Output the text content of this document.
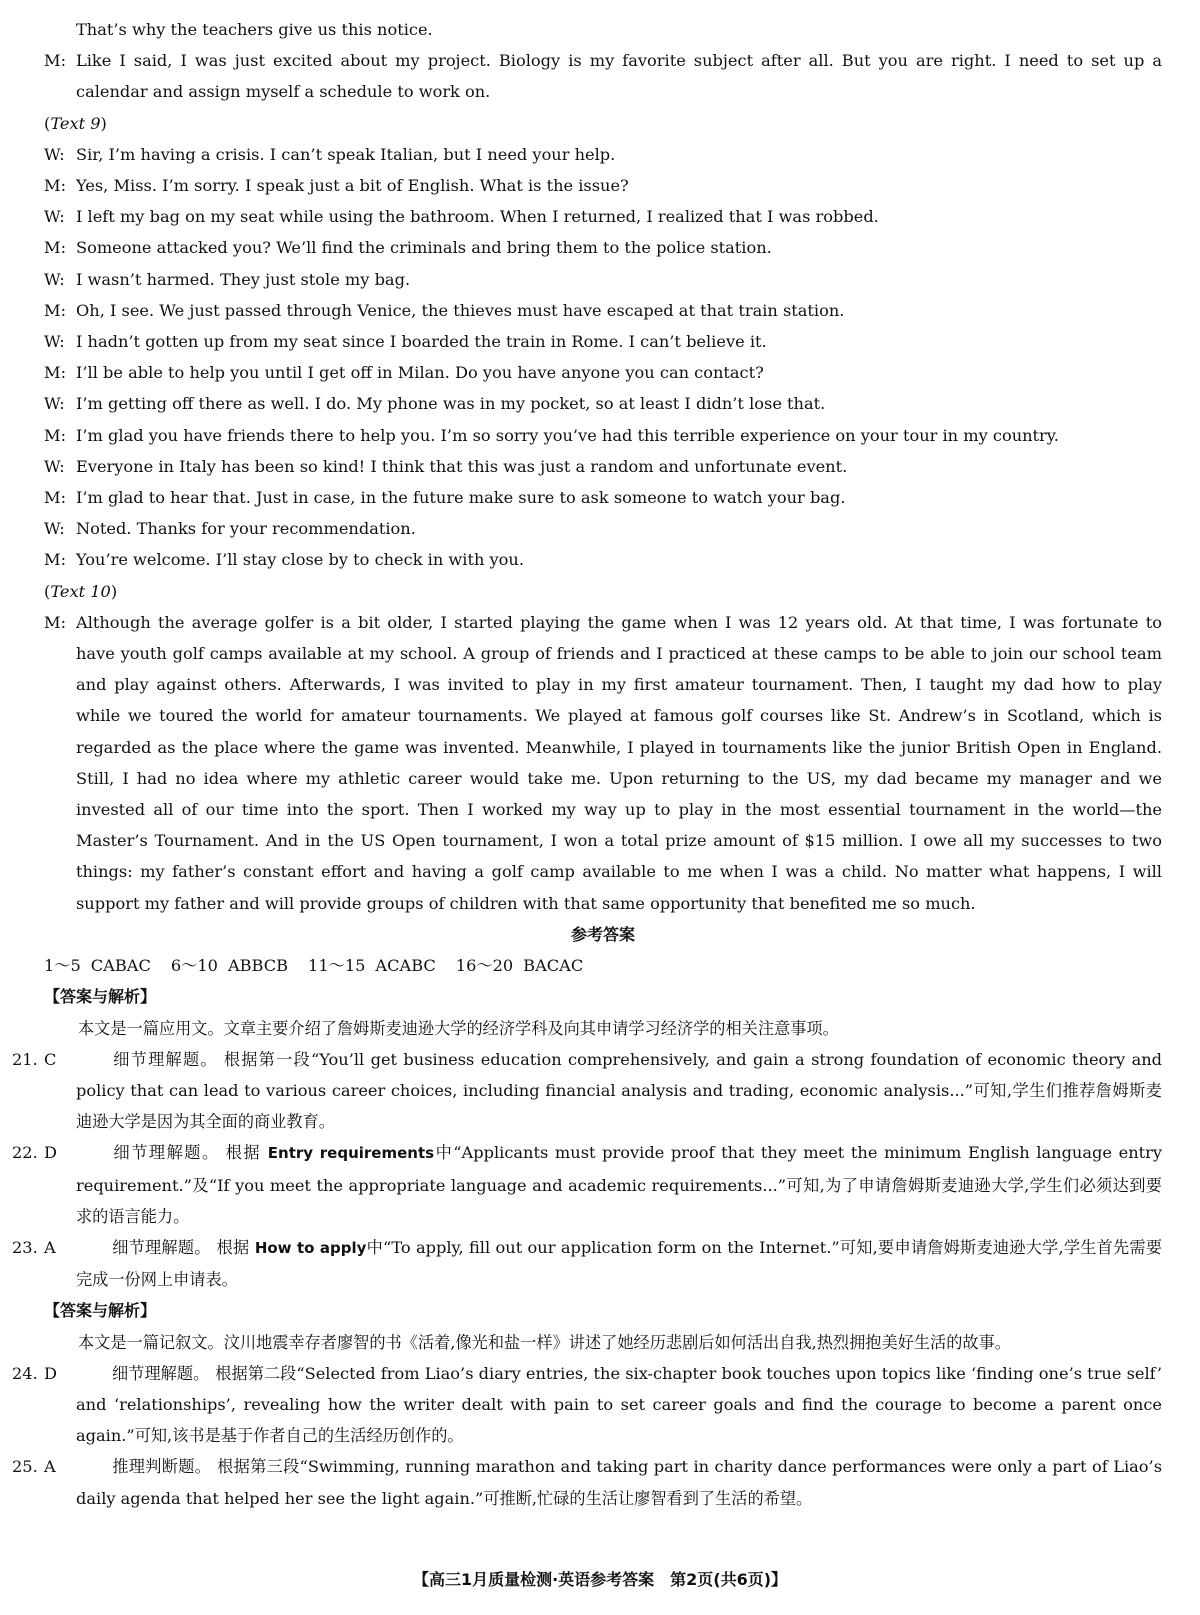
That’s why the teachers give us this notice.
M: Like I said, I was just excited about my project. Biology is my favorite subject after all. But you are right. I need to set up a calendar and assign myself a schedule to work on.
(Text 9)
W: Sir, I’m having a crisis. I can’t speak Italian, but I need your help.
M: Yes, Miss. I’m sorry. I speak just a bit of English. What is the issue?
W: I left my bag on my seat while using the bathroom. When I returned, I realized that I was robbed.
M: Someone attacked you? We’ll find the criminals and bring them to the police station.
W: I wasn’t harmed. They just stole my bag.
M: Oh, I see. We just passed through Venice, the thieves must have escaped at that train station.
W: I hadn’t gotten up from my seat since I boarded the train in Rome. I can’t believe it.
M: I’ll be able to help you until I get off in Milan. Do you have anyone you can contact?
W: I’m getting off there as well. I do. My phone was in my pocket, so at least I didn’t lose that.
M: I’m glad you have friends there to help you. I’m so sorry you’ve had this terrible experience on your tour in my country.
W: Everyone in Italy has been so kind! I think that this was just a random and unfortunate event.
M: I’m glad to hear that. Just in case, in the future make sure to ask someone to watch your bag.
W: Noted. Thanks for your recommendation.
M: You’re welcome. I’ll stay close by to check in with you.
(Text 10)
M: Although the average golfer is a bit older, I started playing the game when I was 12 years old. At that time, I was fortunate to
have youth golf camps available at my school. A group of friends and I practiced at these camps to be able to join our school team
and play against others. Afterwards, I was invited to play in my first amateur tournament. Then, I taught my dad how to play
while we toured the world for amateur tournaments. We played at famous golf courses like St. Andrew’s in Scotland, which is
regarded as the place where the game was invented. Meanwhile, I played in tournaments like the junior British Open in England.
Still, I had no idea where my athletic career would take me. Upon returning to the US, my dad became my manager and we
invested all of our time into the sport. Then I worked my way up to play in the most essential tournament in the world—the
Master’s Tournament. And in the US Open tournament, I won a total prize amount of $15 million. I owe all my successes to two
things: my father’s constant effort and having a golf camp available to me when I was a child. No matter what happens, I will
support my father and will provide groups of children with that same opportunity that benefited me so much.
参考答案
1～5 CABAC 6～10 ABBCB 11～15 ACABC 16～20 BACAC
【答案与解析】
本文是一篇应用文。文章主要介绍了詹姆斯麦迪逊大学的经济学科及向其申请学习经济学的相关注意事项。
21. C	细节理解题。 根据第一段“You’ll get business education comprehensively, and gain a strong foundation of economic theory and policy that can lead to various career choices, including financial analysis and trading, economic analysis...”可知,学生们推荐詹姆斯麦迪逊大学是因为其全面的商业教育。
22. D	细节理解题。 根据 Entry requirements中“Applicants must provide proof that they meet the minimum English language entry requirement.”及“If you meet the appropriate language and academic requirements...”可知,为了申请詹姆斯麦迪逊大学,学生们必须达到要求的语言能力。
23. A	细节理解题。 根据 How to apply中“To apply, fill out our application form on the Internet.”可知,要申请詹姆斯麦迪逊大学,学生首先需要完成一份网上申请表。
【答案与解析】
本文是一篇记叙文。汶川地震幸存者廖智的书《活着,像光和盐一样》讲述了她经历悲剧后如何活出自我,热烈拥抱美好生活的故事。
24. D	细节理解题。 根据第二段“Selected from Liao’s diary entries, the six-chapter book touches upon topics like ‘finding one’s true self’ and ‘relationships’, revealing how the writer dealt with pain to set career goals and find the courage to become a parent once again.”可知,该书是基于作者自己的生活经历创作的。
25. A	推理判断题。 根据第三段“Swimming, running marathon and taking part in charity dance performances were only a part of Liao’s daily agenda that helped her see the light again.”可推断,忙碌的生活让廖智看到了生活的希望。
【高三1月质量检测·英语参考答案　第2页(共6页)】
